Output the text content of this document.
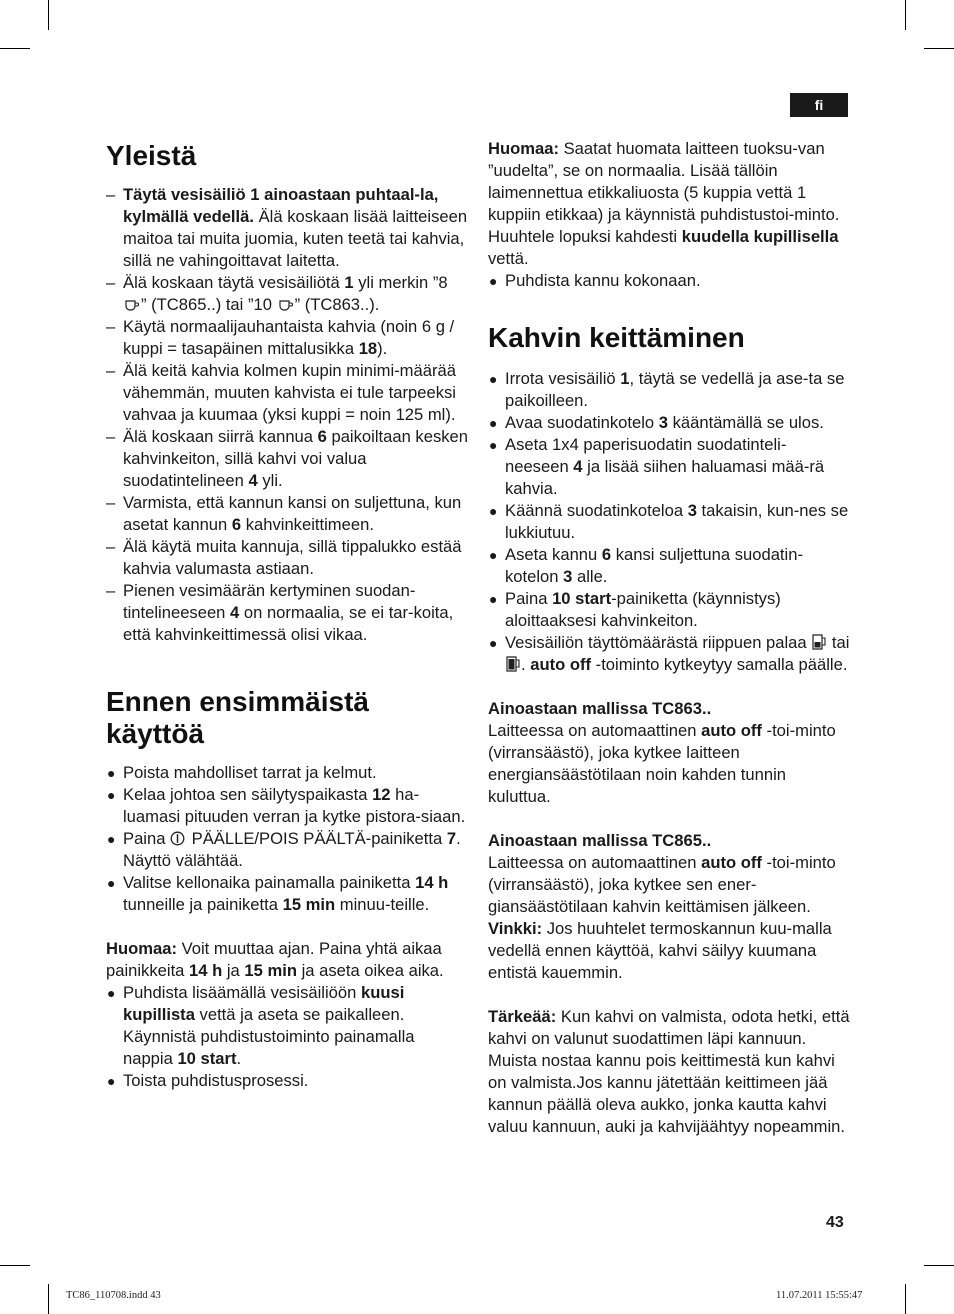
fi
Yleistä
– Täytä vesisäiliö 1 ainoastaan puhtaal-la, kylmällä vedellä. Älä koskaan lisää laitteiseen maitoa tai muita juomia, kuten teetä tai kahvia, sillä ne vahingoittavat laitetta.
– Älä koskaan täytä vesisäiliötä 1 yli merkin ”8 ” (TC865..) tai ”10 ” (TC863..).
– Käytä normaalijauhantaista kahvia (noin 6 g / kuppi = tasapäinen mittalusikka 18).
– Älä keitä kahvia kolmen kupin minimi-määrää vähemmän, muuten kahvista ei tule tarpeeksi vahvaa ja kuumaa (yksi kuppi = noin 125 ml).
– Älä koskaan siirrä kannua 6 paikoiltaan kesken kahvinkeiton, sillä kahvi voi valua suodatintelineen 4 yli.
– Varmista, että kannun kansi on suljettuna, kun asetat kannun 6 kahvinkeittimeen.
– Älä käytä muita kannuja, sillä tippalukko estää kahvia valumasta astiaan.
– Pienen vesimäärän kertyminen suodan-tintelineeseen 4 on normaalia, se ei tar-koita, että kahvinkeittimessä olisi vikaa.
Ennen ensimmäistä käyttöä
● Poista mahdolliset tarrat ja kelmut.
● Kelaa johtoa sen säilytyspaikasta 12 ha-luamasi pituuden verran ja kytke pistora-siaan.
● Paina  PÄÄLLE/POIS PÄÄLTÄ-painiketta 7. Näyttö välähtää.
● Valitse kellonaika painamalla painiketta 14 h tunneille ja painiketta 15 min minuu-teille.

Huomaa: Voit muuttaa ajan. Paina yhtä aikaa painikkeita 14 h ja 15 min ja aseta oikea aika.

● Puhdista lisäämällä vesisäiliöön kuusi kupillista vettä ja aseta se paikalleen. Käynnistä puhdistustoiminto painamalla nappia 10 start.
● Toista puhdistusprosessi.

Huomaa: Saatat huomata laitteen tuoksu-van ”uudelta”, se on normaalia. Lisää tällöin laimennettua etikkaliuosta (5 kuppia vettä 1 kuppiin etikkaa) ja käynnistä puhdistustoi-minto. Huuhtele lopuksi kahdesti kuudella kupillisella vettä.

● Puhdista kannu kokonaan.
Kahvin keittäminen
● Irrota vesisäiliö 1, täytä se vedellä ja ase-ta se paikoilleen.
● Avaa suodatinkotelo 3 kääntämällä se ulos.
● Aseta 1x4 paperisuodatin suodatinteli-neeseen 4 ja lisää siihen haluamasi mää-rä kahvia.
● Käännä suodatinkoteloa 3 takaisin, kun-nes se lukkiutuu.
● Aseta kannu 6 kansi suljettuna suodatin-kotelon 3 alle.
● Paina 10 start-painiketta (käynnistys) aloittaaksesi kahvinkeiton.
● Vesisäiliön täyttömäärästä riippuen palaa  tai . auto off -toiminto kytkeytyy samalla päälle.

Ainoastaan mallissa TC863..

Laitteessa on automaattinen auto off -toi-minto (virransäästö), joka kytkee laitteen energiansäästötilaan noin kahden tunnin kuluttua.

Ainoastaan mallissa TC865..

Laitteessa on automaattinen auto off -toi-minto (virransäästö), joka kytkee sen ener-giansäästötilaan kahvin keittämisen jälkeen.

Vinkki: Jos huuhtelet termoskannun kuu-malla vedellä ennen käyttöä, kahvi säilyy kuumana entistä kauemmin.

Tärkeää: Kun kahvi on valmista, odota hetki, että kahvi on valunut suodattimen läpi kannuun. Muista nostaa kannu pois keittimestä kun kahvi on valmista.Jos kannu jätettään keittimeen jää kannun päällä oleva aukko, jonka kautta kahvi valuu kannuun, auki ja kahvijäähtyy nopeammin.

43
TC86_110708.indd 43	11.07.2011 15:55:47
